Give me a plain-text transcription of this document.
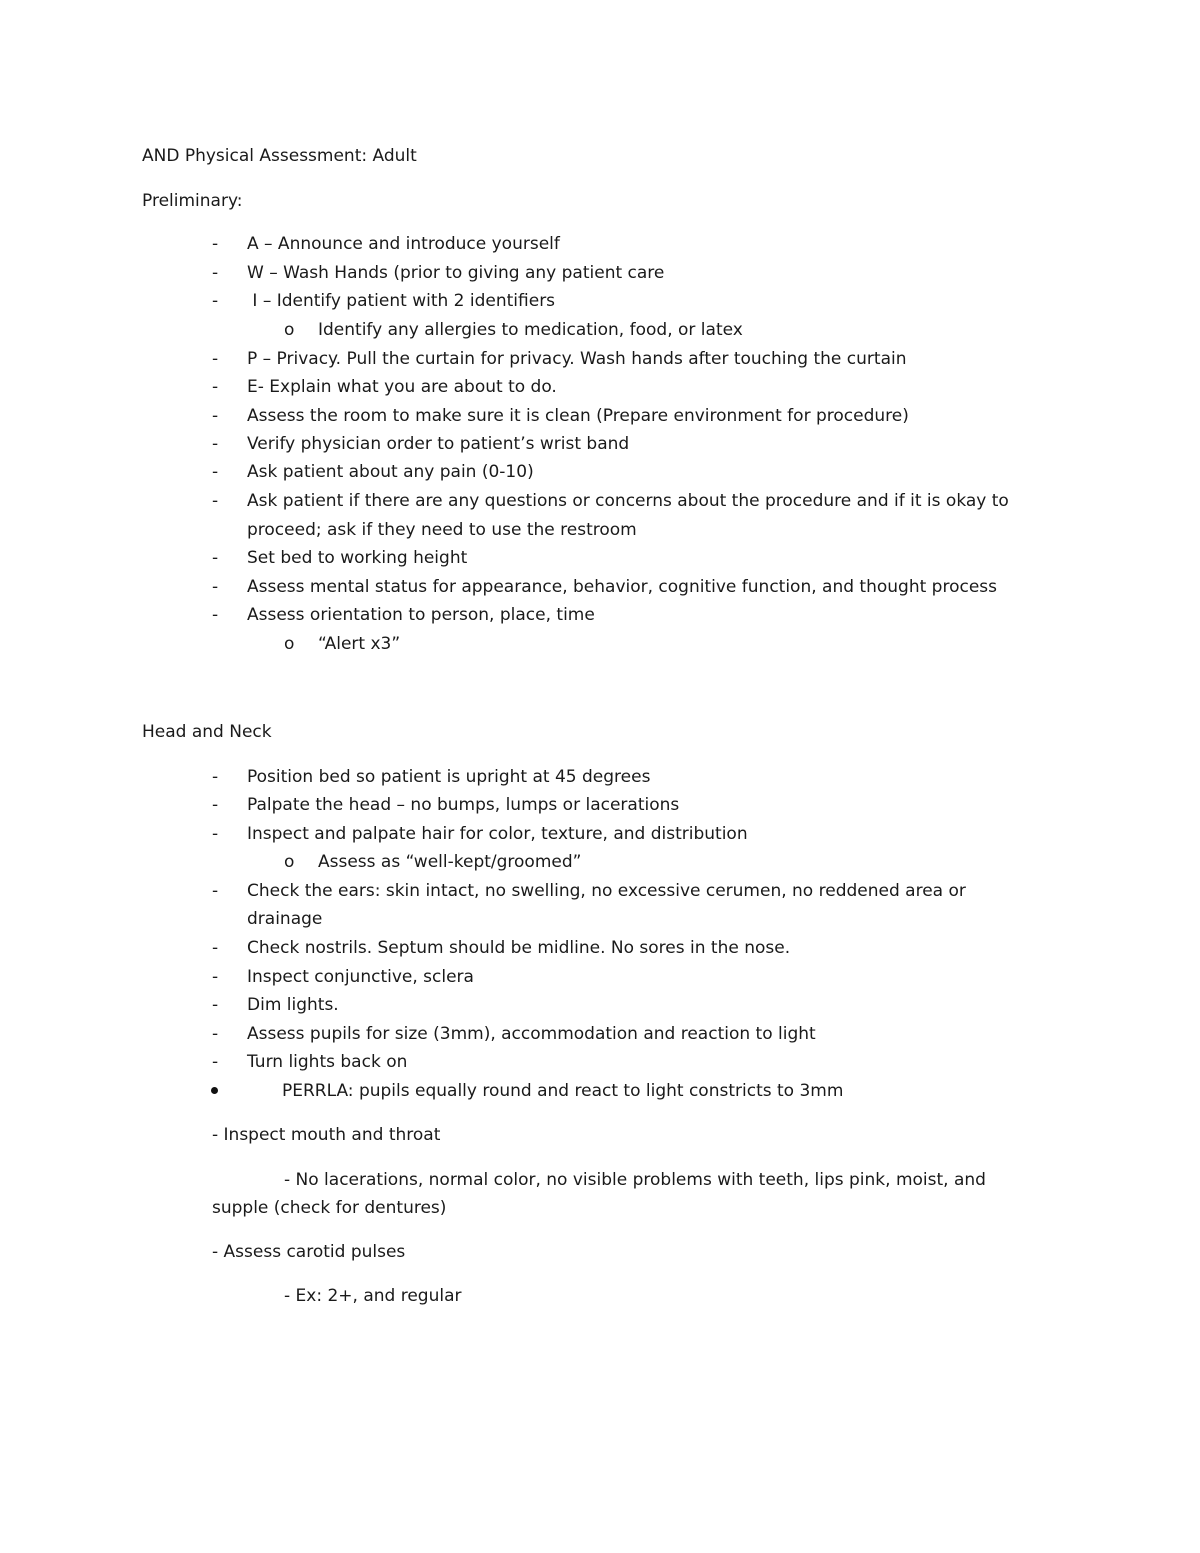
AND Physical Assessment: Adult
Preliminary:
- A – Announce and introduce yourself
- W – Wash Hands (prior to giving any patient care
- I – Identify patient with 2 identifiers
o Identify any allergies to medication, food, or latex
- P – Privacy. Pull the curtain for privacy. Wash hands after touching the curtain
- E- Explain what you are about to do.
- Assess the room to make sure it is clean (Prepare environment for procedure)
- Verify physician order to patient’s wrist band
- Ask patient about any pain (0-10)
- Ask patient if there are any questions or concerns about the procedure and if it is okay to
proceed; ask if they need to use the restroom
- Set bed to working height
- Assess mental status for appearance, behavior, cognitive function, and thought process
- Assess orientation to person, place, time
o “Alert x3”
Head and Neck
- Position bed so patient is upright at 45 degrees
- Palpate the head – no bumps, lumps or lacerations
- Inspect and palpate hair for color, texture, and distribution
o Assess as “well-kept/groomed”
- Check the ears: skin intact, no swelling, no excessive cerumen, no reddened area or
drainage
- Check nostrils. Septum should be midline. No sores in the nose.
- Inspect conjunctive, sclera
- Dim lights.
- Assess pupils for size (3mm), accommodation and reaction to light
- Turn lights back on
PERRLA: pupils equally round and react to light constricts to 3mm
- Inspect mouth and throat
- No lacerations, normal color, no visible problems with teeth, lips pink, moist, and
supple (check for dentures)
- Assess carotid pulses
- Ex: 2+, and regular
